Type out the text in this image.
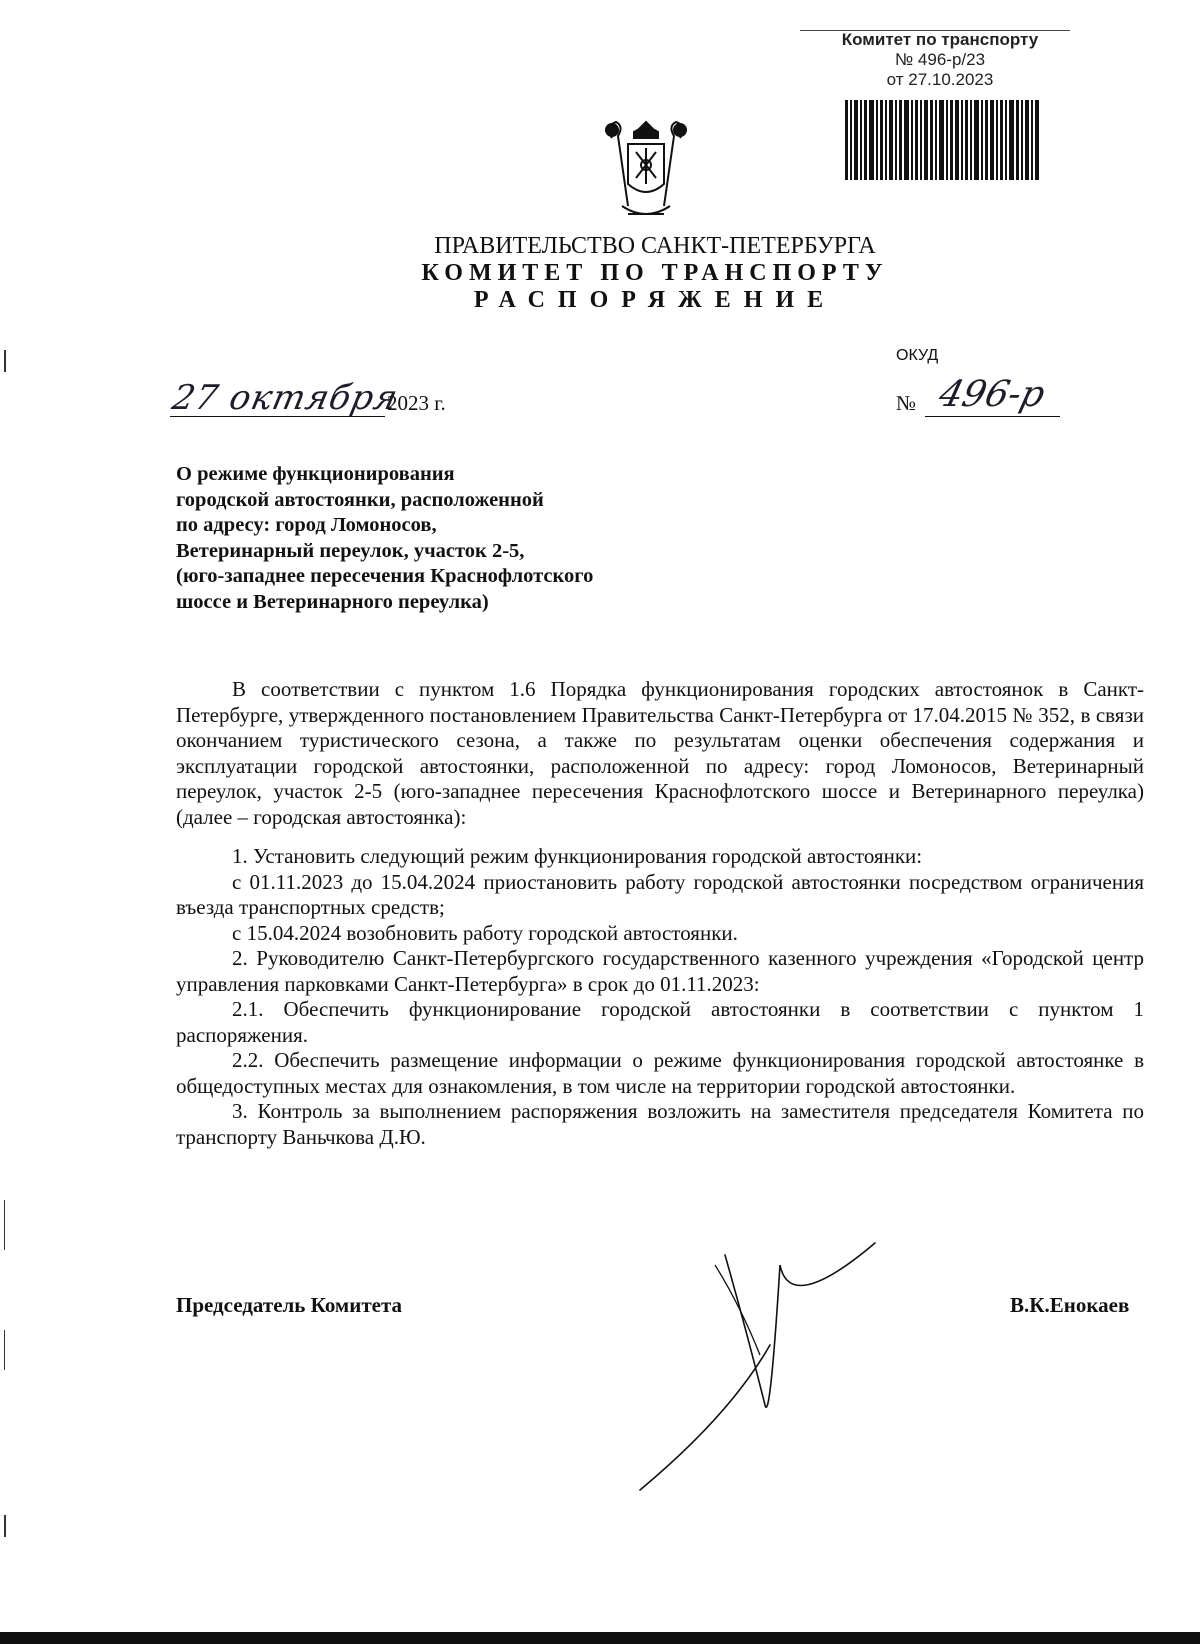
Комитет по транспорту
№ 496-р/23
от 27.10.2023
ПРАВИТЕЛЬСТВО САНКТ-ПЕТЕРБУРГА
КОМИТЕТ ПО ТРАНСПОРТУ
РАСПОРЯЖЕНИЕ
ОКУД
27 октября
2023 г.	№ 496-р
О режиме функционирования
городской автостоянки, расположенной
по адресу: город Ломоносов,
Ветеринарный переулок, участок 2-5,
(юго-западнее пересечения Краснофлотского
шоссе и Ветеринарного переулка)

В соответствии с пунктом 1.6 Порядка функционирования городских автостоянок в Санкт-Петербурге, утвержденного постановлением Правительства Санкт-Петербурга от 17.04.2015 № 352, в связи окончанием туристического сезона, а также по результатам оценки обеспечения содержания и эксплуатации городской автостоянки, расположенной по адресу: город Ломоносов, Ветеринарный переулок, участок 2-5 (юго-западнее пересечения Краснофлотского шоссе и Ветеринарного переулка) (далее – городская автостоянка):

1. Установить следующий режим функционирования городской автостоянки:

с 01.11.2023 до 15.04.2024 приостановить работу городской автостоянки посредством ограничения въезда транспортных средств;

с 15.04.2024 возобновить работу городской автостоянки.

2. Руководителю Санкт-Петербургского государственного казенного учреждения «Городской центр управления парковками Санкт-Петербурга» в срок до 01.11.2023:

2.1. Обеспечить функционирование городской автостоянки в соответствии с пунктом 1 распоряжения.

2.2. Обеспечить размещение информации о режиме функционирования городской автостоянке в общедоступных местах для ознакомления, в том числе на территории городской автостоянки.

3. Контроль за выполнением распоряжения возложить на заместителя председателя Комитета по транспорту Ваньчкова Д.Ю.

Председатель Комитета	В.К.Енокаев
